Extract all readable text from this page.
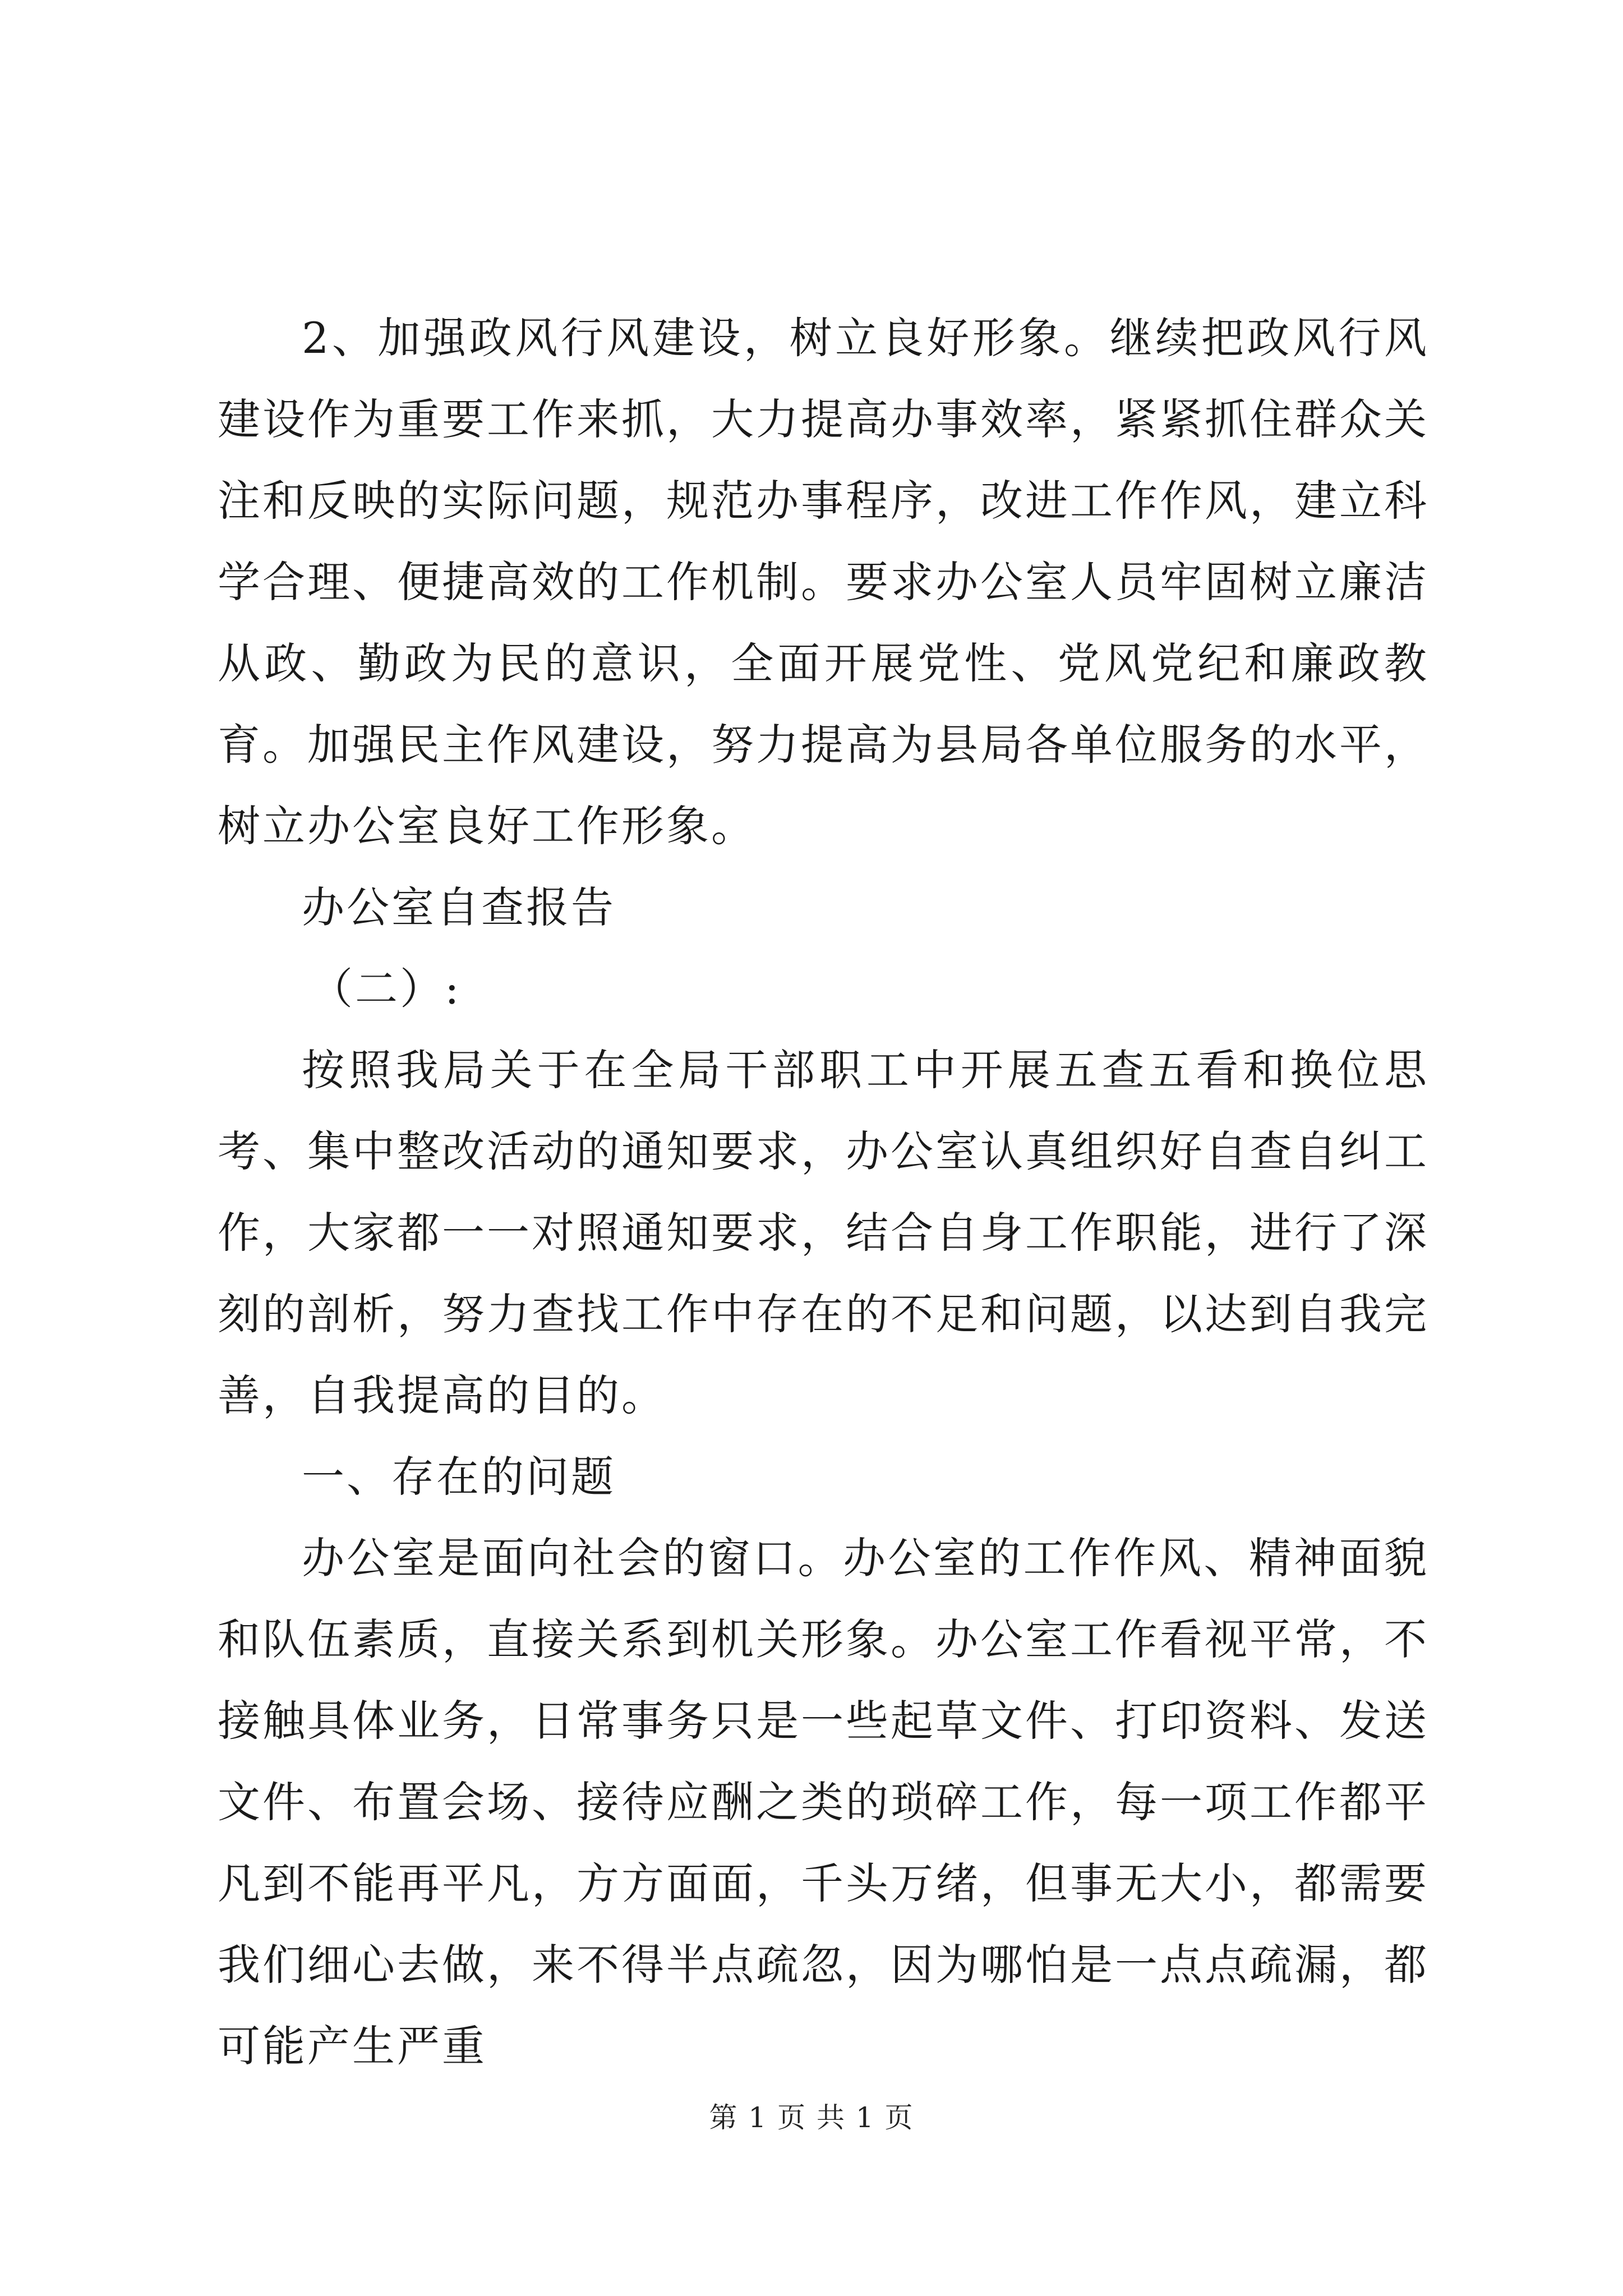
2、加强政风行风建设，树立良好形象。继续把政风行风建设作为重要工作来抓，大力提高办事效率，紧紧抓住群众关注和反映的实际问题，规范办事程序，改进工作作风，建立科学合理、便捷高效的工作机制。要求办公室人员牢固树立廉洁从政、勤政为民的意识，全面开展党性、党风党纪和廉政教育。加强民主作风建设，努力提高为县局各单位服务的水平，树立办公室良好工作形象。

办公室自查报告

（二）:

按照我局关于在全局干部职工中开展五查五看和换位思考、集中整改活动的通知要求，办公室认真组织好自查自纠工作，大家都一一对照通知要求，结合自身工作职能，进行了深刻的剖析，努力查找工作中存在的不足和问题，以达到自我完善，自我提高的目的。

一、存在的问题

办公室是面向社会的窗口。办公室的工作作风、精神面貌和队伍素质，直接关系到机关形象。办公室工作看视平常，不接触具体业务，日常事务只是一些起草文件、打印资料、发送文件、布置会场、接待应酬之类的琐碎工作，每一项工作都平凡到不能再平凡，方方面面，千头万绪，但事无大小，都需要我们细心去做，来不得半点疏忽，因为哪怕是一点点疏漏，都可能产生严重

第 1 页 共 1 页
